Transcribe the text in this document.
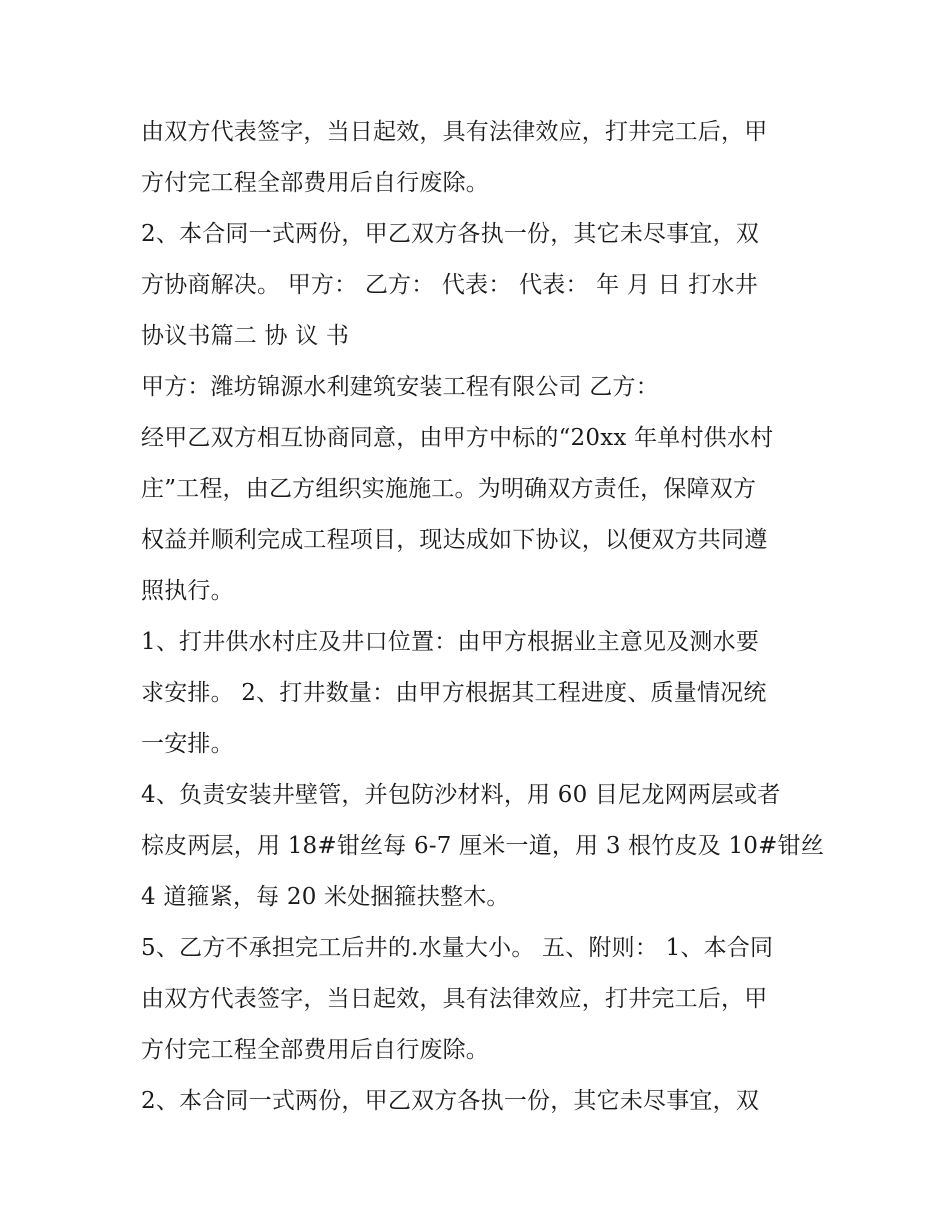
由双方代表签字，当日起效，具有法律效应，打井完工后，甲
方付完工程全部费用后自行废除。
2、本合同一式两份，甲乙双方各执一份，其它未尽事宜，双
方协商解决。 甲方： 乙方： 代表： 代表： 年 月 日 打水井
协议书篇二 协 议 书
甲方：潍坊锦源水利建筑安装工程有限公司 乙方：
经甲乙双方相互协商同意，由甲方中标的“20xx 年单村供水村
庄”工程，由乙方组织实施施工。为明确双方责任，保障双方
权益并顺利完成工程项目，现达成如下协议，以便双方共同遵
照执行。
1、打井供水村庄及井口位置：由甲方根据业主意见及测水要
求安排。 2、打井数量：由甲方根据其工程进度、质量情况统
一安排。
4、负责安装井壁管，并包防沙材料，用 60 目尼龙网两层或者
棕皮两层，用 18#钳丝每 6-7 厘米一道，用 3 根竹皮及 10#钳丝
4 道箍紧，每 20 米处捆箍扶整木。
5、乙方不承担完工后井的.水量大小。 五、附则： 1、本合同
由双方代表签字，当日起效，具有法律效应，打井完工后，甲
方付完工程全部费用后自行废除。
2、本合同一式两份，甲乙双方各执一份，其它未尽事宜，双
